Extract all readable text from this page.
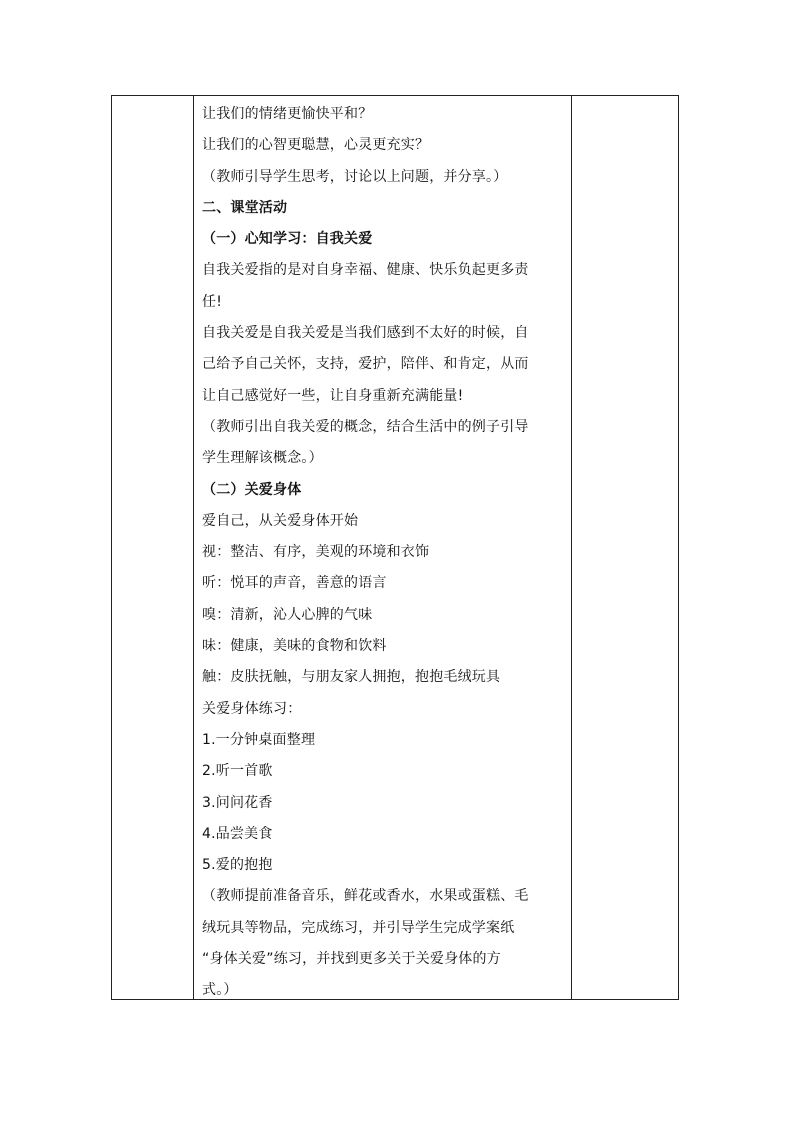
让我们的情绪更愉快平和？
让我们的心智更聪慧，心灵更充实？
（教师引导学生思考，讨论以上问题，并分享。）
二、课堂活动
（一）心知学习：自我关爱
自我关爱指的是对自身幸福、健康、快乐负起更多责
任!
自我关爱是自我关爱是当我们感到不太好的时候，自
己给予自己关怀，支持，爱护，陪伴、和肯定，从而
让自己感觉好一些，让自身重新充满能量!
（教师引出自我关爱的概念，结合生活中的例子引导
学生理解该概念。）
（二）关爱身体
爱自己，从关爱身体开始
视：整洁、有序，美观的环境和衣饰
听：悦耳的声音，善意的语言
嗅：清新，沁人心脾的气味
味：健康，美味的食物和饮料
触：皮肤抚触，与朋友家人拥抱，抱抱毛绒玩具
关爱身体练习：
1.一分钟桌面整理
2.听一首歌
3.问问花香
4.品尝美食
5.爱的抱抱
（教师提前准备音乐，鲜花或香水，水果或蛋糕、毛
绒玩具等物品，完成练习，并引导学生完成学案纸
“身体关爱”练习，并找到更多关于关爱身体的方
式。）
